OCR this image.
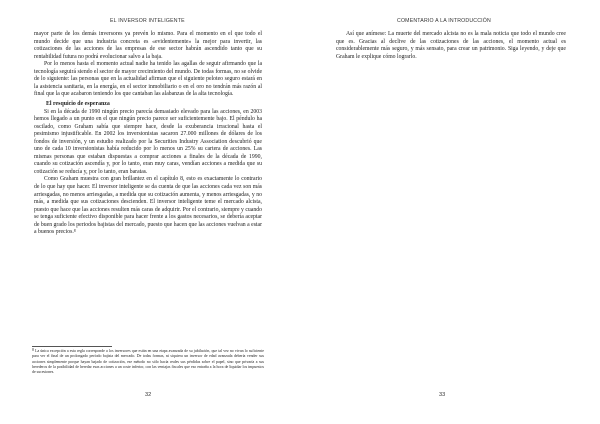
EL INVERSOR INTELIGENTE

mayor parte de los demás inversores ya prevén lo mismo. Para el momento en el que todo el mundo decide que una industria concreta es «evidentemente» la mejor para invertir, las cotizaciones de las acciones de las empresas de ese sector habrán ascendido tanto que su rentabilidad futura no podrá evolucionar salvo a la baja.

Por lo menos hasta el momento actual nadie ha tenido las agallas de seguir afirmando que la tecnología seguirá siendo el sector de mayor crecimiento del mundo. De todas formas, no se olvide de lo siguiente: las personas que en la actualidad afirman que el siguiente peloteo seguro estará en la asistencia sanitaria, en la energía, en el sector inmobiliario o en el oro no tendrán más razón al final que la que acabaron teniendo los que cantaban las alabanzas de la alta tecnología.

El resquicio de esperanza

Si en la década de 1990 ningún precio parecía demasiado elevado para las acciones, en 2003 hemos llegado a un punto en el que ningún precio parece ser suficientemente bajo. El péndulo ha oscilado, como Graham sabía que siempre hace, desde la exuberancia irracional hasta el pesimismo injustificable. En 2002 los inversionistas sacaron 27.000 millones de dólares de los fondos de inversión, y un estudio realizado por la Securities Industry Association descubrió que uno de cada 10 inversionistas había reducido por lo menos un 25% su cartera de acciones. Las mismas personas que estaban dispuestas a comprar acciones a finales de la década de 1990, cuando su cotización ascendía y, por lo tanto, eran muy caras, vendían acciones a medida que su cotización se reducía y, por lo tanto, eran baratas.

Como Graham muestra con gran brillantez en el capítulo 8, esto es exactamente lo contrario de lo que hay que hacer. El inversor inteligente se da cuenta de que las acciones cada vez son más arriesgadas, no menos arriesgadas, a medida que su cotización aumenta, y menos arriesgadas, y no más, a medida que sus cotizaciones descienden. El inversor inteligente teme el mercado alcista, puesto que hace que las acciones resulten más caras de adquirir. Por el contrario, siempre y cuando se tenga suficiente efectivo disponible para hacer frente a los gastos necesarios, se debería aceptar de buen grado los periodos bajistas del mercado, puesto que hacen que las acciones vuelvan a estar a buenos precios.$^8$

$^8$ La única excepción a esta regla corresponde a los inversores que están en una etapa avanzada de su jubilación, que tal vez no vivan lo suficiente para ver el final de un prolongado período bajista del mercado. De todas formas, ni siquiera un inversor de edad avanzada debería vender sus acciones simplemente porque hayan bajado de cotización, ese método no sólo hacía reales sus pérdidas sobre el papel, sino que privaría a sus herederos de la posibilidad de heredar esas acciones a un coste inferior, con las ventajas fiscales que eso entraña a la hora de liquidar los impuestos de sucesiones.

32
COMENTARIO A LA INTRODUCCIÓN

Así que anímese: La muerte del mercado alcista no es la mala noticia que todo el mundo cree que es. Gracias al declive de las cotizaciones de las acciones, el momento actual es considerablemente más seguro, y más sensato, para crear un patrimonio. Siga leyendo, y deje que Graham le explique cómo lograrlo.

33
